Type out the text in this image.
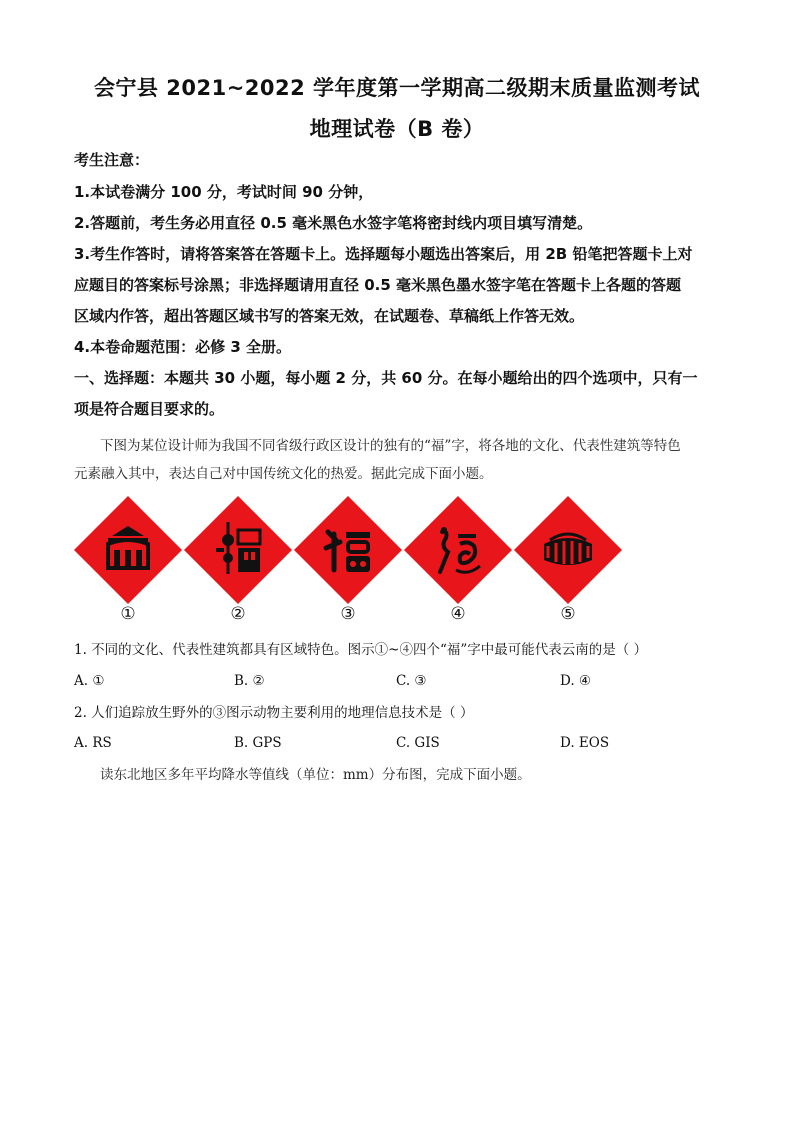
会宁县 2021~2022 学年度第一学期高二级期末质量监测考试
地理试卷（B 卷）
考生注意：
1.本试卷满分 100 分，考试时间 90 分钟，
2.答题前，考生务必用直径 0.5 毫米黑色水签字笔将密封线内项目填写清楚。
3.考生作答时，请将答案答在答题卡上。选择题每小题选出答案后，用 2B 铅笔把答题卡上对
应题目的答案标号涂黑；非选择题请用直径 0.5 毫米黑色墨水签字笔在答题卡上各题的答题
区域内作答，超出答题区域书写的答案无效，在试题卷、草稿纸上作答无效。
4.本卷命题范围：必修 3 全册。
一、选择题：本题共 30 小题，每小题 2 分，共 60 分。在每小题给出的四个选项中，只有一
项是符合题目要求的。
下图为某位设计师为我国不同省级行政区设计的独有的“福”字，将各地的文化、代表性建筑等特色
元素融入其中，表达自己对中国传统文化的热爱。据此完成下面小题。
①	②	③	④	⑤
1. 不同的文化、代表性建筑都具有区域特色。图示①~④四个“福”字中最可能代表云南的是（ ）
A. ①	B. ②	C. ③	D. ④
2. 人们追踪放生野外的③图示动物主要利用的地理信息技术是（ ）
A. RS	B. GPS	C. GIS	D. EOS
读东北地区多年平均降水等值线（单位：mm）分布图，完成下面小题。
